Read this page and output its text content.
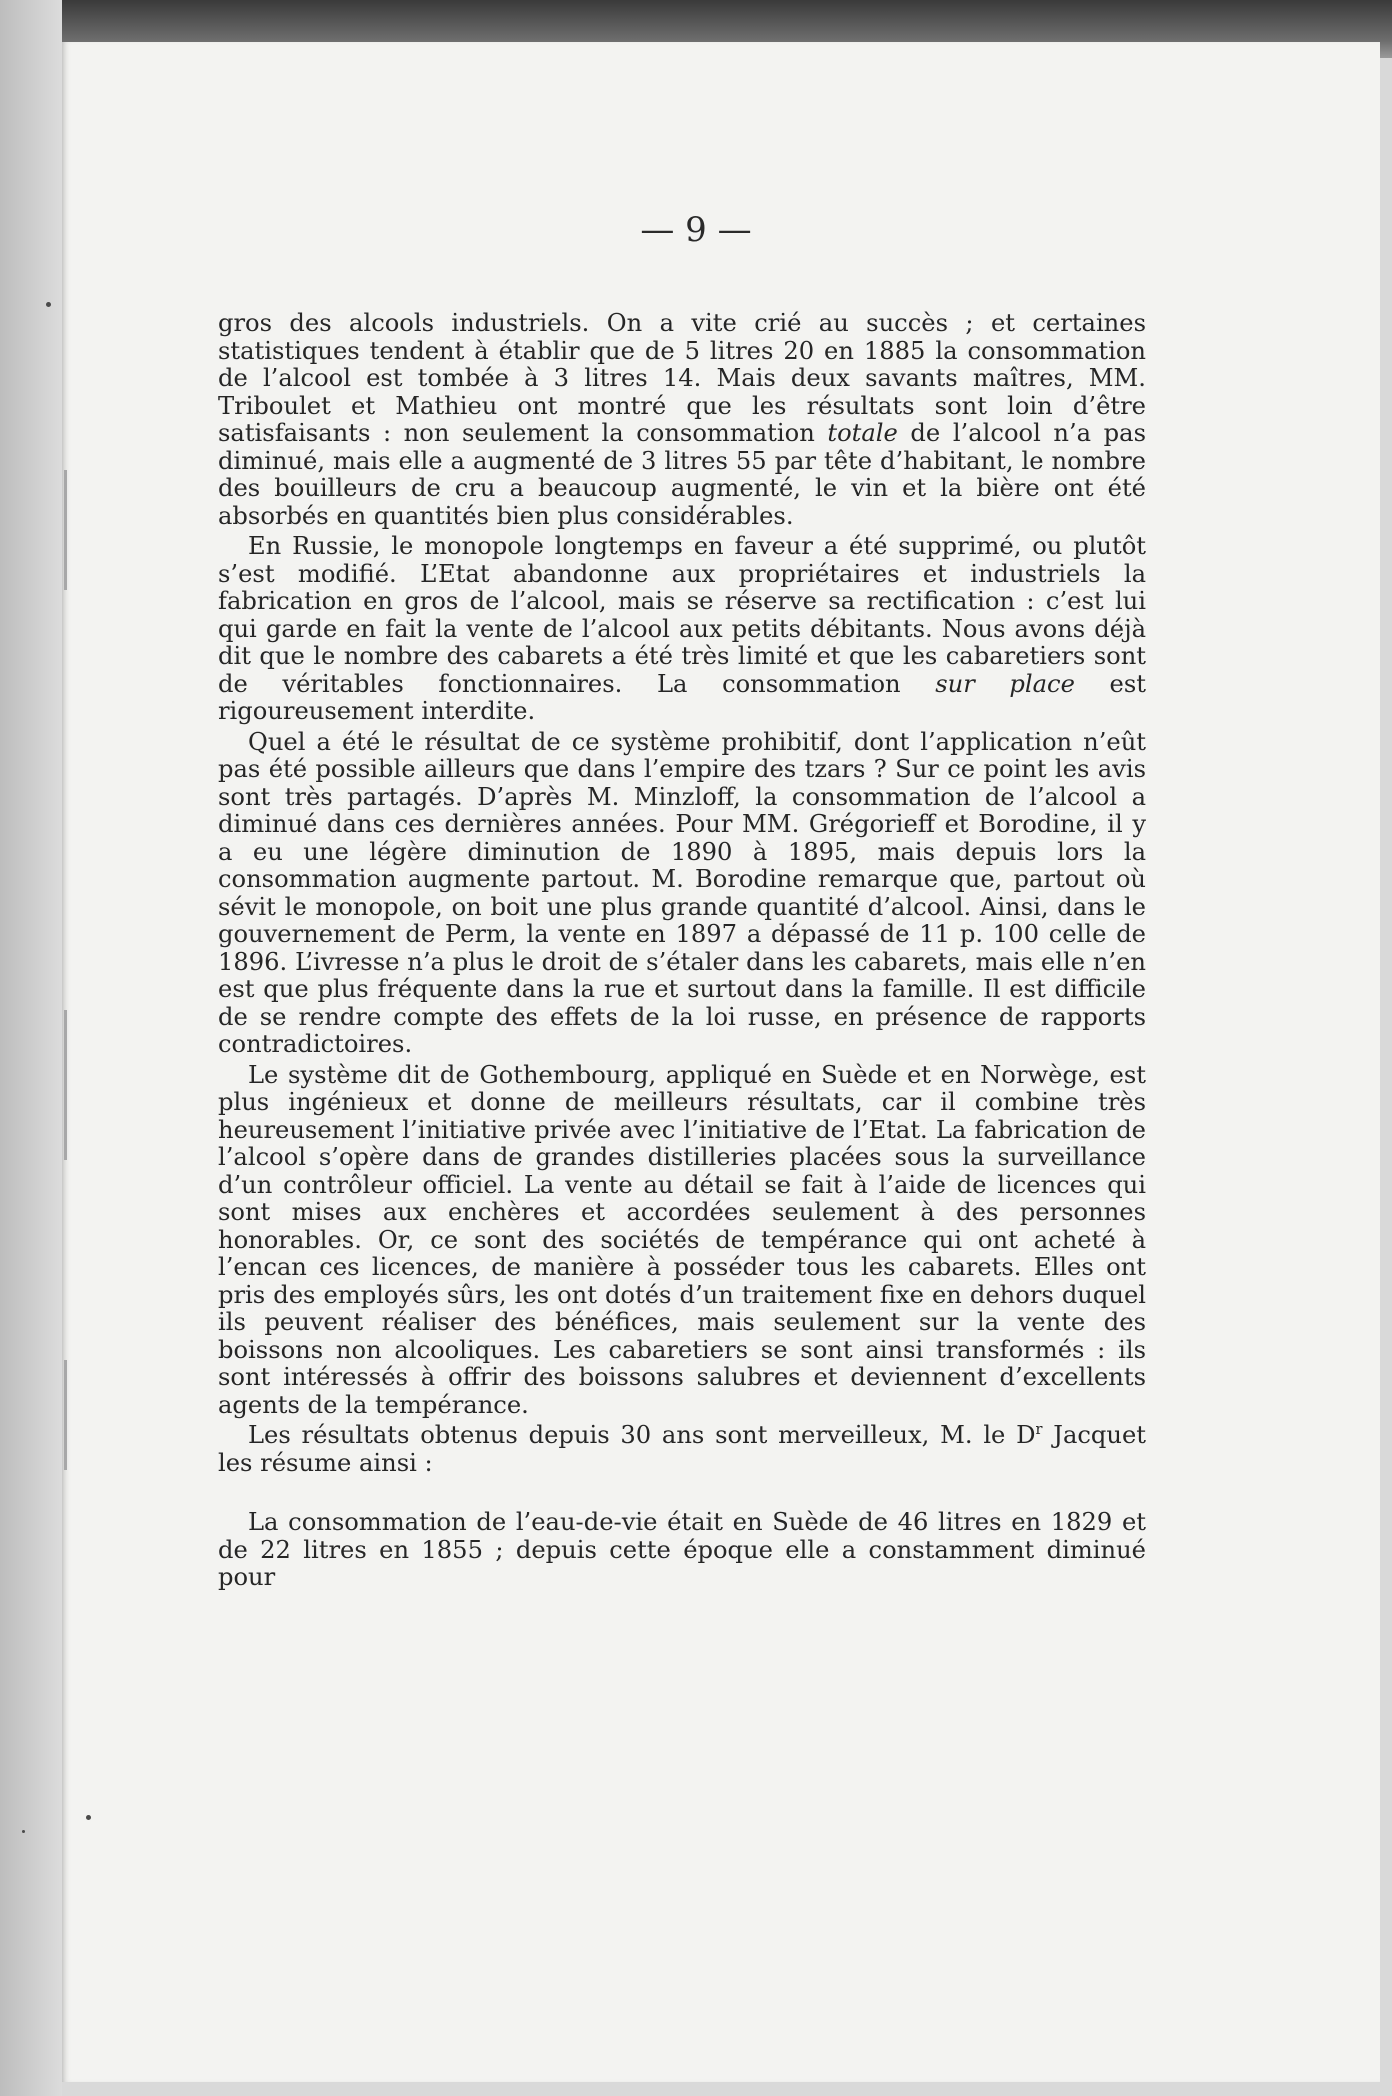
— 9 —

gros des alcools industriels. On a vite crié au succès ; et certaines statistiques tendent à établir que de 5 litres 20 en 1885 la consommation de l’alcool est tombée à 3 litres 14. Mais deux savants maîtres, MM. Triboulet et Mathieu ont montré que les résultats sont loin d’être satisfaisants : non seulement la consommation totale de l’alcool n’a pas diminué, mais elle a augmenté de 3 litres 55 par tête d’habitant, le nombre des bouilleurs de cru a beaucoup augmenté, le vin et la bière ont été absorbés en quantités bien plus considérables.

En Russie, le monopole longtemps en faveur a été supprimé, ou plutôt s’est modifié. L’Etat abandonne aux propriétaires et industriels la fabrication en gros de l’alcool, mais se réserve sa rectification : c’est lui qui garde en fait la vente de l’alcool aux petits débitants. Nous avons déjà dit que le nombre des cabarets a été très limité et que les cabaretiers sont de véritables fonctionnaires. La consommation sur place est rigoureusement interdite.

Quel a été le résultat de ce système prohibitif, dont l’application n’eût pas été possible ailleurs que dans l’empire des tzars ? Sur ce point les avis sont très partagés. D’après M. Minzloff, la consommation de l’alcool a diminué dans ces dernières années. Pour MM. Grégorieff et Borodine, il y a eu une légère diminution de 1890 à 1895, mais depuis lors la consommation augmente partout. M. Borodine remarque que, partout où sévit le monopole, on boit une plus grande quantité d’alcool. Ainsi, dans le gouvernement de Perm, la vente en 1897 a dépassé de 11 p. 100 celle de 1896. L’ivresse n’a plus le droit de s’étaler dans les cabarets, mais elle n’en est que plus fréquente dans la rue et surtout dans la famille. Il est difficile de se rendre compte des effets de la loi russe, en présence de rapports contradictoires.

Le système dit de Gothembourg, appliqué en Suède et en Norwège, est plus ingénieux et donne de meilleurs résultats, car il combine très heureusement l’initiative privée avec l’initiative de l’Etat. La fabrication de l’alcool s’opère dans de grandes distilleries placées sous la surveillance d’un contrôleur officiel. La vente au détail se fait à l’aide de licences qui sont mises aux enchères et accordées seulement à des personnes honorables. Or, ce sont des sociétés de tempérance qui ont acheté à l’encan ces licences, de manière à posséder tous les cabarets. Elles ont pris des employés sûrs, les ont dotés d’un traitement fixe en dehors duquel ils peuvent réaliser des bénéfices, mais seulement sur la vente des boissons non alcooliques. Les cabaretiers se sont ainsi transformés : ils sont intéressés à offrir des boissons salubres et deviennent d’excellents agents de la tempérance.

Les résultats obtenus depuis 30 ans sont merveilleux, M. le $D^r$ Jacquet les résume ainsi :

La consommation de l’eau-de-vie était en Suède de 46 litres en 1829 et de 22 litres en 1855 ; depuis cette époque elle a constamment diminué pour
